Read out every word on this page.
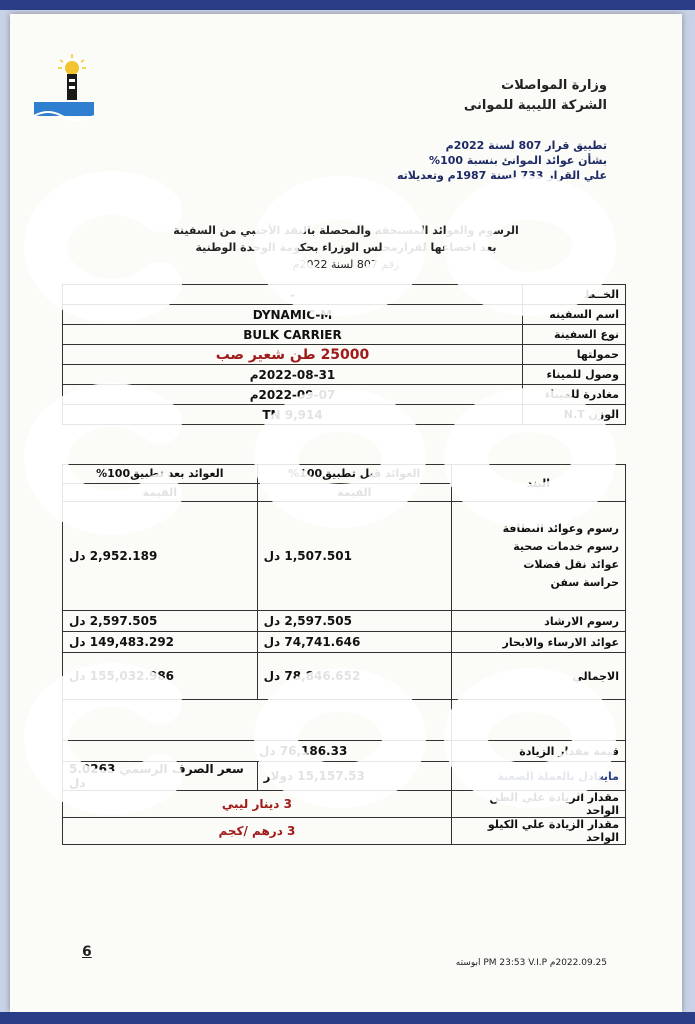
وزارة المواصلات
الشركة الليبية للموانى
تطبيق قرار 807 لسنة 2022م
بشأن عوائد الموانئ بنسبة 100%
علي القرار 733 لسنة 1987م وتعديلاته
الرسوم والعوائد المستحقة والمحصلة بالنقد الأجنبي من السفينة
بعد اخضاعها لقرارمجلس الوزراء بحكومة الوحدة الوطنية
رقم 807 لسنة 2022م
الخــط	-
اسم السفينة	DYNAMIC-M
نوع السفينة	BULK CARRIER
حمولتها	25000 طن شعير صب
وصول للميناء	2022-08-31م
مغادرة للميناء	2022-09-07م
الوزن N.T	TN 9,914
البند	العوائد قبل تطبيق100%	العوائد بعد تطبيق100%
	القيمة	القيمة

رسوم وعوائد النظافة
رسوم خدمات صحية
عوائد نقل فضلات
حراسة سفن	1,507.501 دل	2,952.189 دل
رسوم الارشاد	2,597.505 دل	2,597.505 دل
عوائد الارساء والابحار	74,741.646 دل	149,483.292 دل
الاجمالي	78,846.652 دل	155,032.986 دل

قيمة مقدار الزيادة	76,186.33 دل	
مايعادل بالعملة الصعبة	15,157.53 دولار	سعر الصرف الرسمي 5.0263 دل
مقدار الزيادة علي الطن الواحد	3 دينار ليبي	
مقدار الزيادة علي الكيلو الواحد	3 درهم /كجم	
6
2022.09.25م PM 23:53 V.I.P ابوسته
